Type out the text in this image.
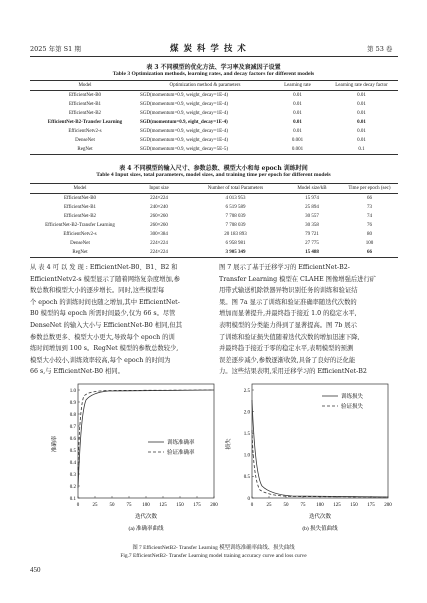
2025 年第 S1 期	煤 炭 科 学 技 术	第 53 卷
表 3 不同模型的优化方法、学习率及衰减因子设置
Table 3 Optimization methods, learning rates, and decay factors for different models
Model	Optimization method & parameters	Learning rate	Learning rate decay factor
EfficientNet-B0	SGD(momentum=0.9, weight_decay=1E-4)	0.01	0.01
EfficientNet-B1	SGD(momentum=0.9, weight_decay=1E-4)	0.01	0.01
EfficientNet-B2	SGD(momentum=0.9, weight_decay=1E-4)	0.01	0.01
EfficientNet-B2-Transfer Learning	SGD(momentum=0.9, eight_decay=1E-4)	0.01	0.01
EfficientNetv2-s	SGD(momentum=0.9, weight_decay=1E-4)	0.01	0.01
DenseNet	SGD(momentum=0.9, weight_decay=1E-4)	0.001	0.01
RegNet	SGD(momentum=0.9, weight_decay=5E-5)	0.001	0.1
表 4 不同模型的输入尺寸、参数总数、模型大小和每 epoch 训练时间
Table 4 Input sizes, total parameters, model sizes, and training time per epoch for different models
Model	Input size	Number of total Parameters	Model size/kB	Time per epoch (sec)
EfficientNet-B0	224×224	4 013 953	15 974	66
EfficientNet-B1	240×240	6 519 589	25 894	73
EfficientNet-B2	260×260	7 708 039	30 557	74
EfficientNet-B2-Transfer Learning	260×260	7 708 039	30 358	76
EfficientNetv2-s	300×384	20 183 893	79 721	80
DenseNet	224×224	6 958 981	27 775	100
RegNet	224×224	3 905 349	15 488	66
从 表 4 可 以 发 现 : EfficientNet-B0、B1、B2 和
EfficientNetv2-s 模型显示了随着网络复杂度增加,参
数总数和模型大小的逐步增长。同时,这些模型每
个 epoch 的训练时间也随之增加,其中 EfficientNet-
B0 模型的每 epoch 所需时间最少,仅为 66 s。尽管
DenseNet 的输入大小与 EfficientNet-B0 相同,但其
参数总数更多、模型大小更大,导致每个 epoch 的训
练时间增加到 100 s。RegNet 模型的参数总数较少,
模型大小较小,训练效率较高,每个 epoch 的时间为
66 s,与 EfficientNet-B0 相同。
图 7 展示了基于迁移学习的 EfficientNet-B2-
Transfer Learning 模型在 CLAHE 图像增强后进行矿
用带式输送机除铁器异物识别任务的训练和验证结
果。图 7a 显示了训练和验证准确率随迭代次数的
增加而显著提升,并最终趋于接近 1.0 的稳定水平,
表明模型的分类能力得到了显著提高。图 7b 展示
了训练和验证损失值随着迭代次数的增加迅速下降,
并最终趋于接近于零的稳定水平,表明模型的预测
误差逐步减少,参数逐渐收敛,具备了良好的泛化能
力。这些结果表明,采用迁移学习的 EfficientNet-B2
0.1
0.2
0.3
0.4
0.5
0.6
0.7
0.8
0.9
1.0
0	25 50 75 100 125 150 175 200
训练准确率
验证准确率
准确率
迭代次数
(a) 准确率曲线
0
0.5
1.0
1.5
2.0
2.5
0	25 50 75 100 125 150 175 200
训练损失
验证损失
损失
迭代次数
(b) 损失值曲线
图 7 EfficientNetB2- Transfer Learning 模型训练准确率曲线、损失曲线
Fig.7 EfficientNetB2- Transfer Learning model training accuracy curve and loss curve
450
